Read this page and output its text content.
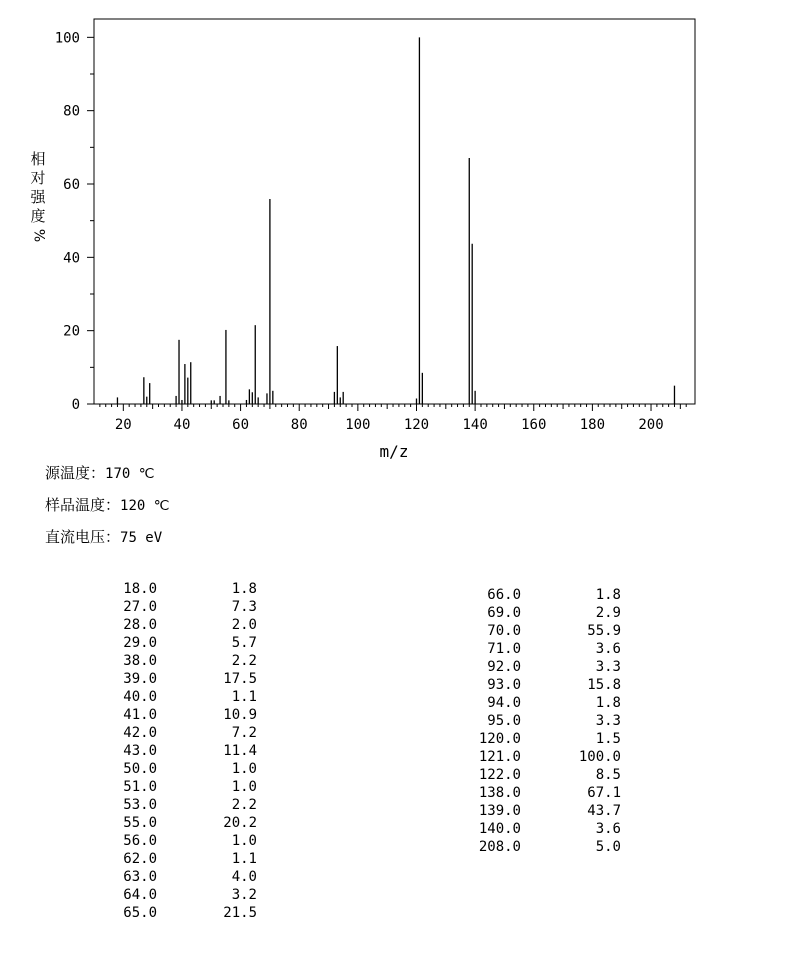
0
20
40
60
80
100
20	40	60	80	100 120 140 160 180 200
m/z
相
对
强
度
%
源温度：170 ℃
样品温度：120 ℃
直流电压：75 eV
18.0	1.8
27.0	7.3
28.0	2.0
29.0	5.7
38.0	2.2
39.0	17.5
40.0	1.1
41.0	10.9
42.0	7.2
43.0	11.4
50.0	1.0
51.0	1.0
53.0	2.2
55.0	20.2
56.0	1.0
62.0	1.1
63.0	4.0
64.0	3.2
65.0	21.5
66.0	1.8
69.0	2.9
70.0	55.9
71.0	3.6
92.0	3.3
93.0	15.8
94.0	1.8
95.0	3.3
120.0	1.5
121.0	100.0
122.0	8.5
138.0	67.1
139.0	43.7
140.0	3.6
208.0	5.0
